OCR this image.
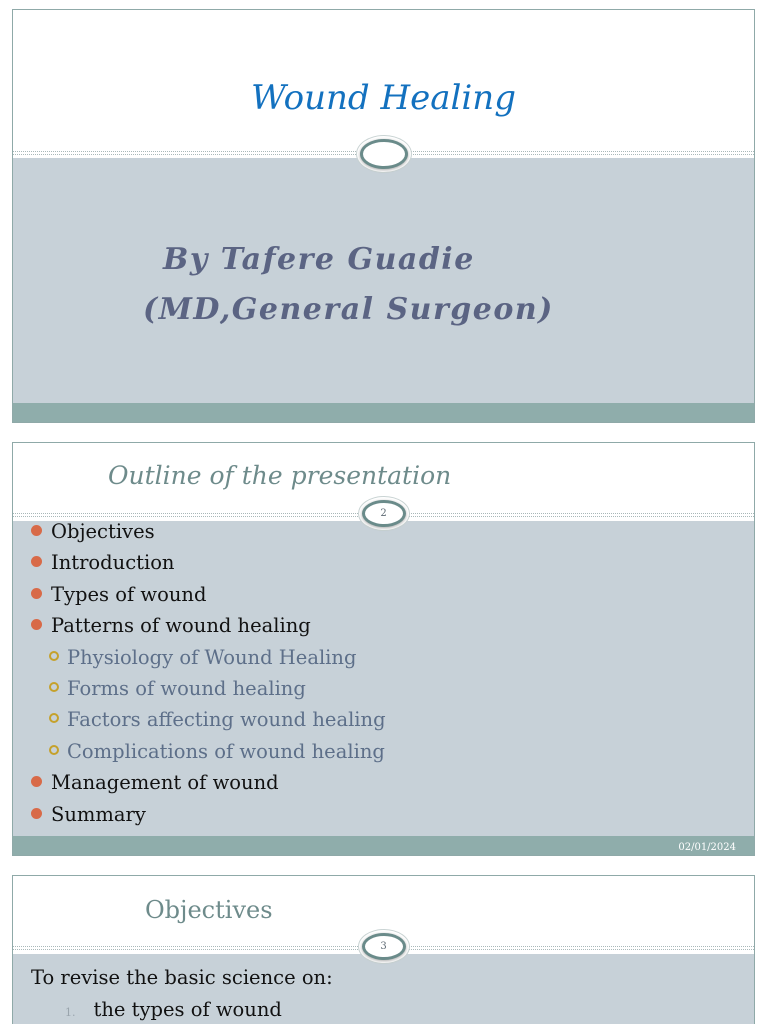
Wound Healing
By Tafere Guadie
(MD,General Surgeon)
Outline of the presentation
02/01/2024
2
Objectives
Introduction
Types of wound
Patterns of wound healing
Physiology of Wound Healing
Forms of wound healing
Factors affecting wound healing
Complications of wound healing
Management of wound
Summary
Objectives
3
To revise the basic science on:
1. the types of wound
